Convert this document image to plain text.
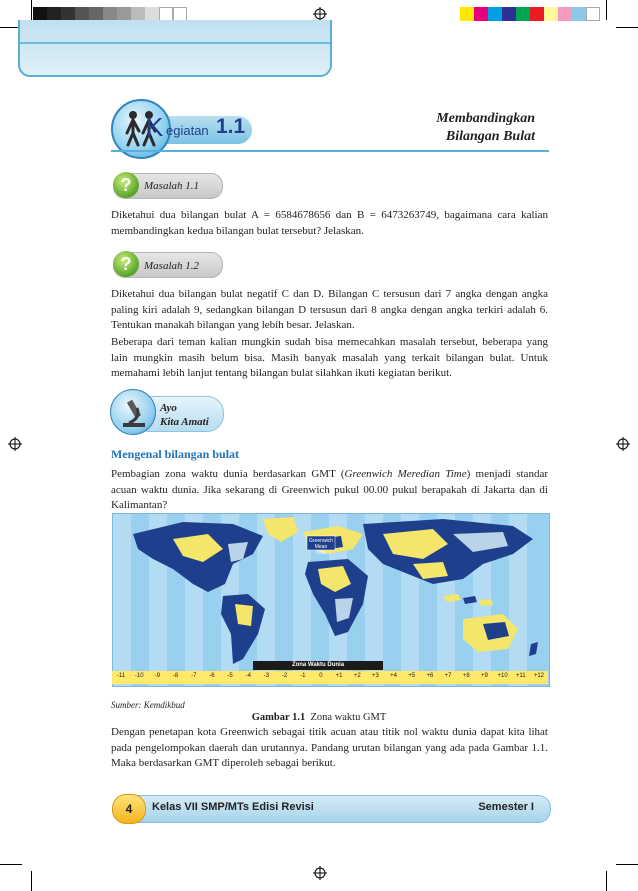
K egiatan 1.1	Membandingkan
Bilangan Bulat
?	Masalah 1.1

Diketahui dua bilangan bulat A = 6584678656 dan B = 6473263749, bagaimana cara kalian membandingkan kedua bilangan bulat tersebut? Jelaskan.

?	Masalah 1.2

Diketahui dua bilangan bulat negatif C dan D. Bilangan C tersusun dari 7 angka dengan angka paling kiri adalah 9, sedangkan bilangan D tersusun dari 8 angka dengan angka terkiri adalah 6. Tentukan manakah bilangan yang lebih besar. Jelaskan.

Beberapa dari teman kalian mungkin sudah bisa memecahkan masalah tersebut, beberapa yang lain mungkin masih belum bisa. Masih banyak masalah yang terkait bilangan bulat. Untuk memahami lebih lanjut tentang bilangan bulat silahkan ikuti kegiatan berikut.

Ayo
Kita Amati
Mengenal bilangan bulat

Pembagian zona waktu dunia berdasarkan GMT (Greenwich Meredian Time) menjadi standar acuan waktu dunia. Jika sekarang di Greenwich pukul 00.00 pukul berapakah di Jakarta dan di Kalimantan?

Greenwich
Mean Time
Zona Waktu Dunia
-11	-10	-9	-8	-7	-6	-5	-4	-3	-2	-1	0	+1	+2	+3	+4	+5	+6	+7	+8	+9	+10	+11	+12
Sumber: Kemdikbud
Gambar 1.1 Zona waktu GMT

Dengan penetapan kota Greenwich sebagai titik acuan atau titik nol waktu dunia dapat kita lihat pada pengelompokan daerah dan urutannya. Pandang urutan bilangan yang ada pada Gambar 1.1. Maka berdasarkan GMT diperoleh sebagai berikut.

4	Kelas VII SMP/MTs Edisi Revisi	Semester I
